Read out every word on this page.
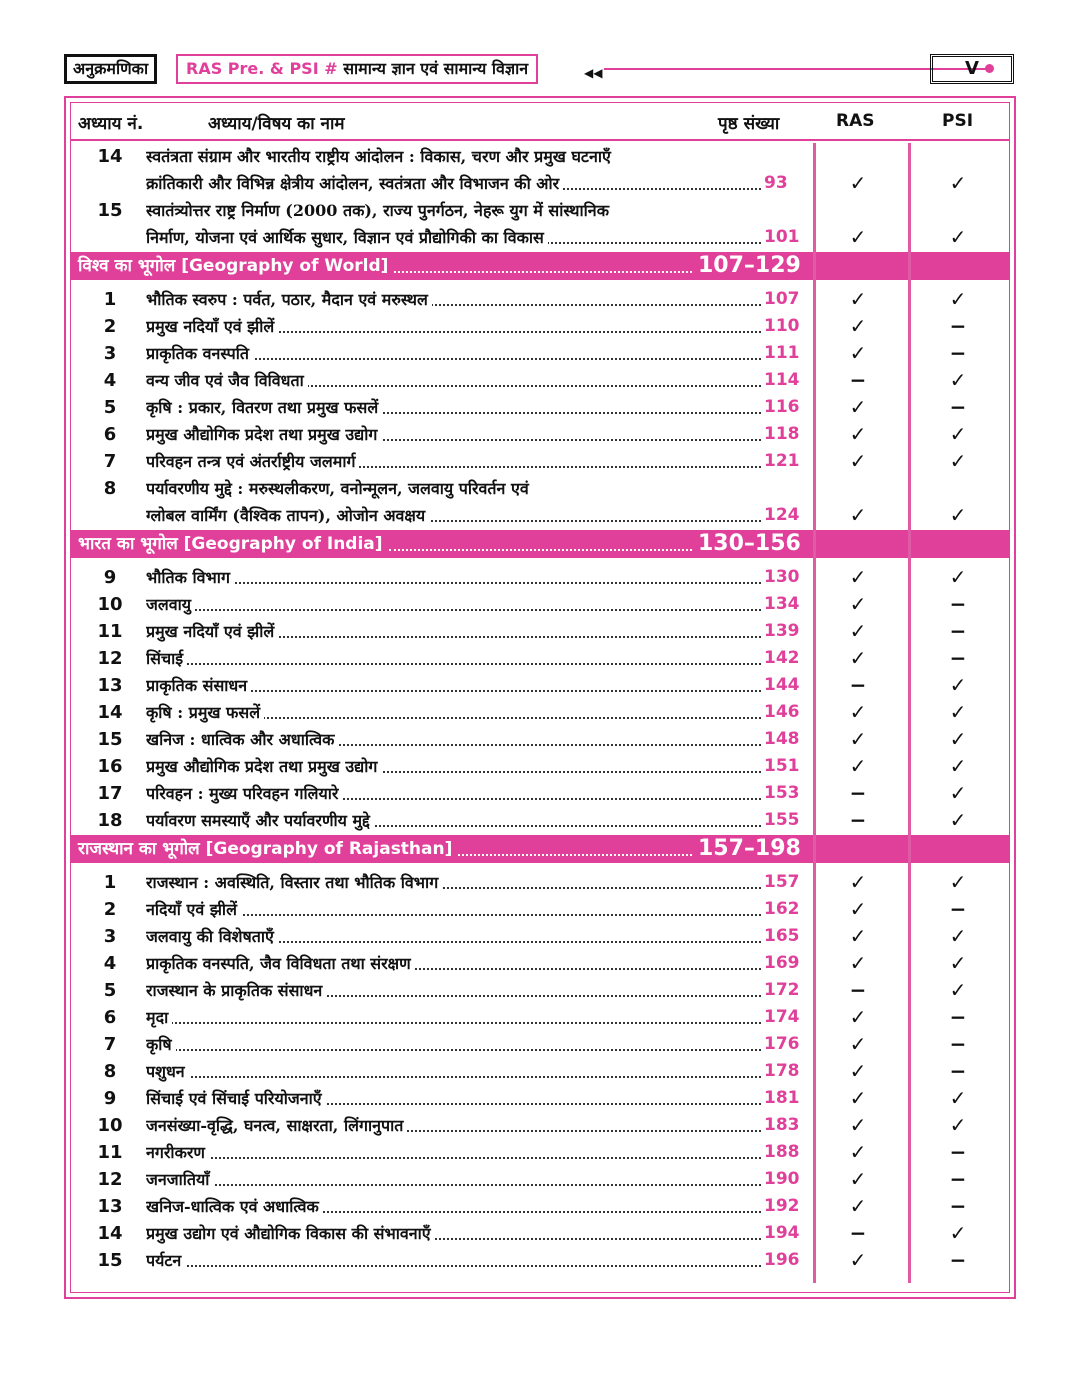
अनुक्रमणिका	RAS Pre. & PSI # सामान्य ज्ञान एवं सामान्य विज्ञान	◀◀	V
अध्याय नं.	अध्याय/विषय का नाम	पृष्ठ संख्या	RAS	PSI
14	स्वतंत्रता संग्राम और भारतीय राष्ट्रीय आंदोलन : विकास, चरण और प्रमुख घटनाएँ
क्रांतिकारी और विभिन्न क्षेत्रीय आंदोलन, स्वतंत्रता और विभाजन की ओर	93	✓	✓
15	स्वातंत्र्योत्तर राष्ट्र निर्माण (2000 तक), राज्य पुनर्गठन, नेहरू युग में सांस्थानिक
निर्माण, योजना एवं आर्थिक सुधार, विज्ञान एवं प्रौद्योगिकी का विकास	101	✓	✓
विश्व का भूगोल [Geography of World]	107–129
1	भौतिक स्वरुप : पर्वत, पठार, मैदान एवं मरुस्थल	107	✓	✓
2	प्रमुख नदियाँ एवं झीलें	110	✓	−
3	प्राकृतिक वनस्पति	111	✓	−
4	वन्य जीव एवं जैव विविधता	114	−	✓
5	कृषि : प्रकार, वितरण तथा प्रमुख फसलें	116	✓	−
6	प्रमुख औद्योगिक प्रदेश तथा प्रमुख उद्योग	118	✓	✓
7	परिवहन तन्त्र एवं अंतर्राष्ट्रीय जलमार्ग	121	✓	✓
8	पर्यावरणीय मुद्दे : मरुस्थलीकरण, वनोन्मूलन, जलवायु परिवर्तन एवं
ग्लोबल वार्मिंग (वैश्विक तापन), ओजोन अवक्षय	124	✓	✓
भारत का भूगोल [Geography of India]	130–156
9	भौतिक विभाग	130	✓	✓
10	जलवायु	134	✓	−
11	प्रमुख नदियाँ एवं झीलें	139	✓	−
12	सिंचाई	142	✓	−
13	प्राकृतिक संसाधन	144	−	✓
14	कृषि : प्रमुख फसलें	146	✓	✓
15	खनिज : धात्विक और अधात्विक	148	✓	✓
16	प्रमुख औद्योगिक प्रदेश तथा प्रमुख उद्योग	151	✓	✓
17	परिवहन : मुख्य परिवहन गलियारे	153	−	✓
18	पर्यावरण समस्याएँ और पर्यावरणीय मुद्दे	155	−	✓
राजस्थान का भूगोल [Geography of Rajasthan]	157–198
1	राजस्थान : अवस्थिति, विस्तार तथा भौतिक विभाग	157	✓	✓
2	नदियाँ एवं झीलें	162	✓	−
3	जलवायु की विशेषताएँ	165	✓	✓
4	प्राकृतिक वनस्पति, जैव विविधता तथा संरक्षण	169	✓	✓
5	राजस्थान के प्राकृतिक संसाधन	172	−	✓
6	मृदा	174	✓	−
7	कृषि	176	✓	−
8	पशुधन	178	✓	−
9	सिंचाई एवं सिंचाई परियोजनाएँ	181	✓	✓
10	जनसंख्या-वृद्धि, घनत्व, साक्षरता, लिंगानुपात	183	✓	✓
11	नगरीकरण	188	✓	−
12	जनजातियाँ	190	✓	−
13	खनिज-धात्विक एवं अधात्विक	192	✓	−
14	प्रमुख उद्योग एवं औद्योगिक विकास की संभावनाएँ	194	−	✓
15	पर्यटन	196	✓	−
